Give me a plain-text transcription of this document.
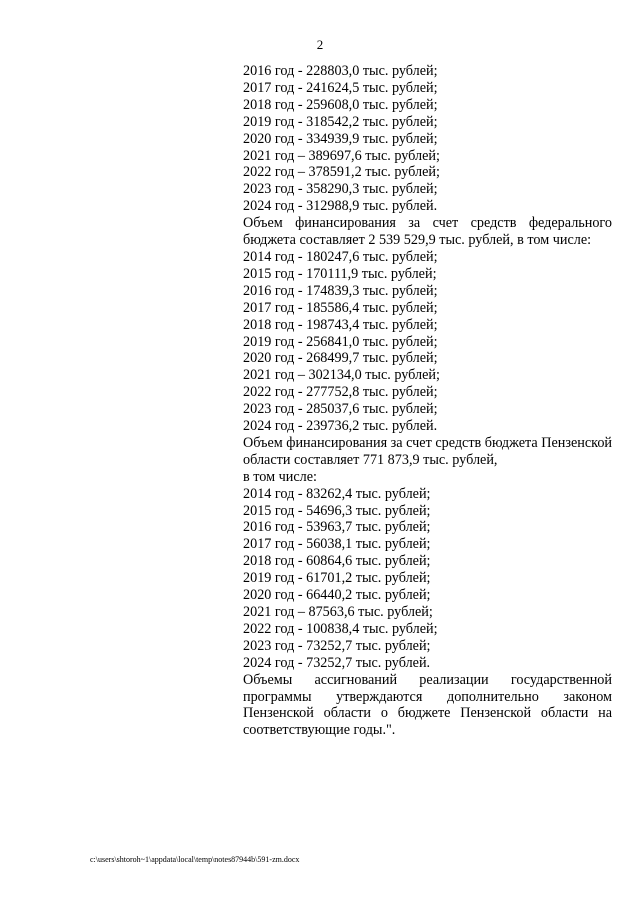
2
2016 год - 228803,0 тыс. рублей;
2017 год - 241624,5 тыс. рублей;
2018 год - 259608,0 тыс. рублей;
2019 год - 318542,2 тыс. рублей;
2020 год - 334939,9 тыс. рублей;
2021 год – 389697,6 тыс. рублей;
2022 год – 378591,2 тыс. рублей;
2023 год - 358290,3 тыс. рублей;
2024 год - 312988,9 тыс. рублей.
Объем финансирования за счет средств федерального бюджета составляет 2 539 529,9 тыс. рублей, в том числе:
2014 год - 180247,6 тыс. рублей;
2015 год - 170111,9 тыс. рублей;
2016 год - 174839,3 тыс. рублей;
2017 год - 185586,4 тыс. рублей;
2018 год - 198743,4 тыс. рублей;
2019 год - 256841,0 тыс. рублей;
2020 год - 268499,7 тыс. рублей;
2021 год – 302134,0 тыс. рублей;
2022 год - 277752,8 тыс. рублей;
2023 год - 285037,6 тыс. рублей;
2024 год - 239736,2 тыс. рублей.
Объем финансирования за счет средств бюджета Пензенской области составляет 771 873,9 тыс. рублей,
в том числе:
2014 год - 83262,4 тыс. рублей;
2015 год - 54696,3 тыс. рублей;
2016 год - 53963,7 тыс. рублей;
2017 год - 56038,1 тыс. рублей;
2018 год - 60864,6 тыс. рублей;
2019 год - 61701,2 тыс. рублей;
2020 год - 66440,2 тыс. рублей;
2021 год – 87563,6 тыс. рублей;
2022 год - 100838,4 тыс. рублей;
2023 год - 73252,7 тыс. рублей;
2024 год - 73252,7 тыс. рублей.
Объемы ассигнований реализации государственной программы утверждаются дополнительно законом Пензенской области о бюджете Пензенской области на соответствующие годы.".
c:\users\shtoroh~1\appdata\local\temp\notes87944b\591-zm.docx
